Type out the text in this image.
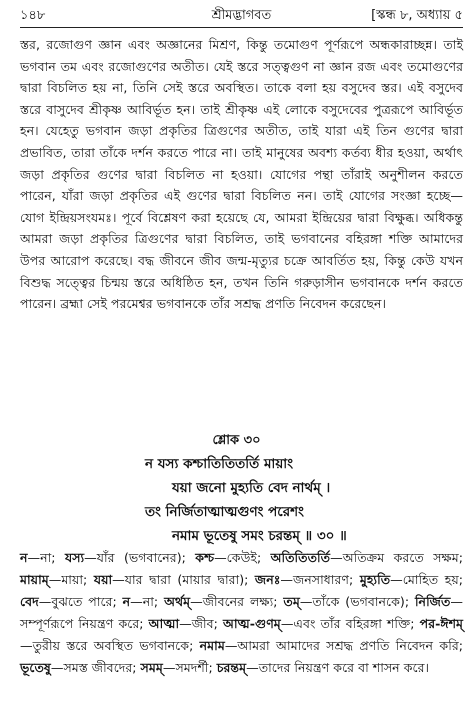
১৪৮	শ্রীমদ্ভাগবত	[স্কন্ধ ৮, অধ্যায় ৫

স্তর, রজোগুণ জ্ঞান এবং অজ্ঞানের মিশ্রণ, কিন্তু তমোগুণ পূর্ণরূপে অন্ধকারাচ্ছন্ন। তাই ভগবান তম এবং রজোগুণের অতীত। যেই স্তরে সত্ত্বগুণ না জ্ঞান রজ এবং তমোগুণের দ্বারা বিচলিত হয় না, তিনি সেই স্তরে অবস্থিত। তাকে বলা হয় বসুদেব স্তর। এই বসুদেব স্তরে বাসুদেব শ্রীকৃষ্ণ আবির্ভূত হন। তাই শ্রীকৃষ্ণ এই লোকে বসুদেবের পুত্ররূপে আবির্ভূত হন। যেহেতু ভগবান জড়া প্রকৃতির ত্রিগুণের অতীত, তাই যারা এই তিন গুণের দ্বারা প্রভাবিত, তারা তাঁকে দর্শন করতে পারে না। তাই মানুষের অবশ্য কর্তব্য ধীর হওয়া, অর্থাৎ জড়া প্রকৃতির গুণের দ্বারা বিচলিত না হওয়া। যোগের পন্থা তাঁরাই অনুশীলন করতে পারেন, যাঁরা জড়া প্রকৃতির এই গুণের দ্বারা বিচলিত নন। তাই যোগের সংজ্ঞা হচ্ছে— যোগ ইন্দ্রিয়সংযমঃ। পূর্বে বিশ্লেষণ করা হয়েছে যে, আমরা ইন্দ্রিয়ের দ্বারা বিক্ষুব্ধ। অধিকন্তু আমরা জড়া প্রকৃতির ত্রিগুণের দ্বারা বিচলিত, তাই ভগবানের বহিরঙ্গা শক্তি আমাদের উপর আরোপ করেছে। বদ্ধ জীবনে জীব জন্ম-মৃত্যুর চক্রে আবর্তিত হয়, কিন্তু কেউ যখন বিশুদ্ধ সত্ত্বের চিন্ময় স্তরে অধিষ্ঠিত হন, তখন তিনি গরুড়াসীন ভগবানকে দর্শন করতে পারেন। ব্রহ্মা সেই পরমেশ্বর ভগবানকে তাঁর সশ্রদ্ধ প্রণতি নিবেদন করেছেন।

শ্লোক ৩০
ন যস্য কশ্চাতিতিতর্তি মায়াং
যয়া জনো মুহ্যতি বেদ নার্থম্ ।
তং নির্জিতাত্মাত্মগুণং পরেশং
নমাম ভূতেষু সমং চরন্তম্ ॥ ৩০ ॥
ন—না; যস্য—যাঁর (ভগবানের); কশ্চ—কেউই; অতিতিতর্তি—অতিক্রম করতে সক্ষম; মায়াম্—মায়া; যয়া—যার দ্বারা (মায়ার দ্বারা); জনঃ—জনসাধারণ; মুহ্যতি—মোহিত হয়; বেদ—বুঝতে পারে; ন—না; অর্থম্—জীবনের লক্ষ্য; তম্—তাঁকে (ভগবানকে); নির্জিত—সম্পূর্ণরূপে নিয়ন্ত্রণ করে; আত্মা—জীব; আত্ম-গুণম্—এবং তাঁর বহিরঙ্গা শক্তি; পর-ঈশম্—তুরীয় স্তরে অবস্থিত ভগবানকে; নমাম—আমরা আমাদের সশ্রদ্ধ প্রণতি নিবেদন করি; ভূতেষু—সমস্ত জীবদের; সমম্—সমদর্শী; চরন্তম্—তাদের নিয়ন্ত্রণ করে বা শাসন করে।
